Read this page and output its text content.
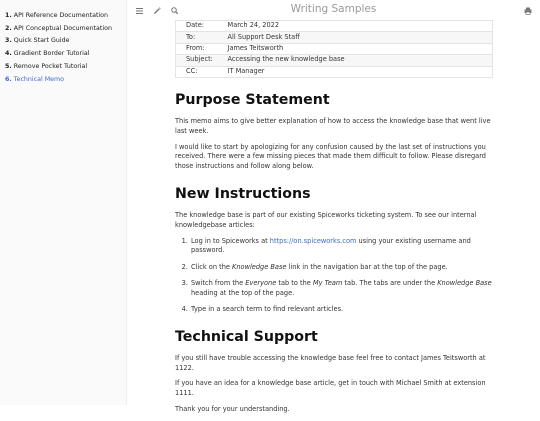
1. API Reference Documentation
2. API Conceptual Documentation
3. Quick Start Guide
4. Gradient Border Tutorial
5. Remove Pocket Tutorial
6. Technical Memo
Writing Samples
Date:	March 24, 2022
To:	All Support Desk Staff
From:	James Teitsworth
Subject:	Accessing the new knowledge base
CC:	IT Manager
Purpose Statement

This memo aims to give better explanation of how to access the knowledge base that went live last week.

I would like to start by apologizing for any confusion caused by the last set of instructions you received. There were a few missing pieces that made them difficult to follow. Please disregard those instructions and follow along below.

New Instructions

The knowledge base is part of our existing Spiceworks ticketing system. To see our internal knowledgebase articles:

1. Log in to Spiceworks at https://on.spiceworks.com using your existing username and password.
2. Click on the Knowledge Base link in the navigation bar at the top of the page.
3. Switch from the Everyone tab to the My Team tab. The tabs are under the Knowledge Base heading at the top of the page.
4. Type in a search term to find relevant articles.
Technical Support

If you still have trouble accessing the knowledge base feel free to contact James Teitsworth at 1122.

If you have an idea for a knowledge base article, get in touch with Michael Smith at extension 1111.

Thank you for your understanding.
